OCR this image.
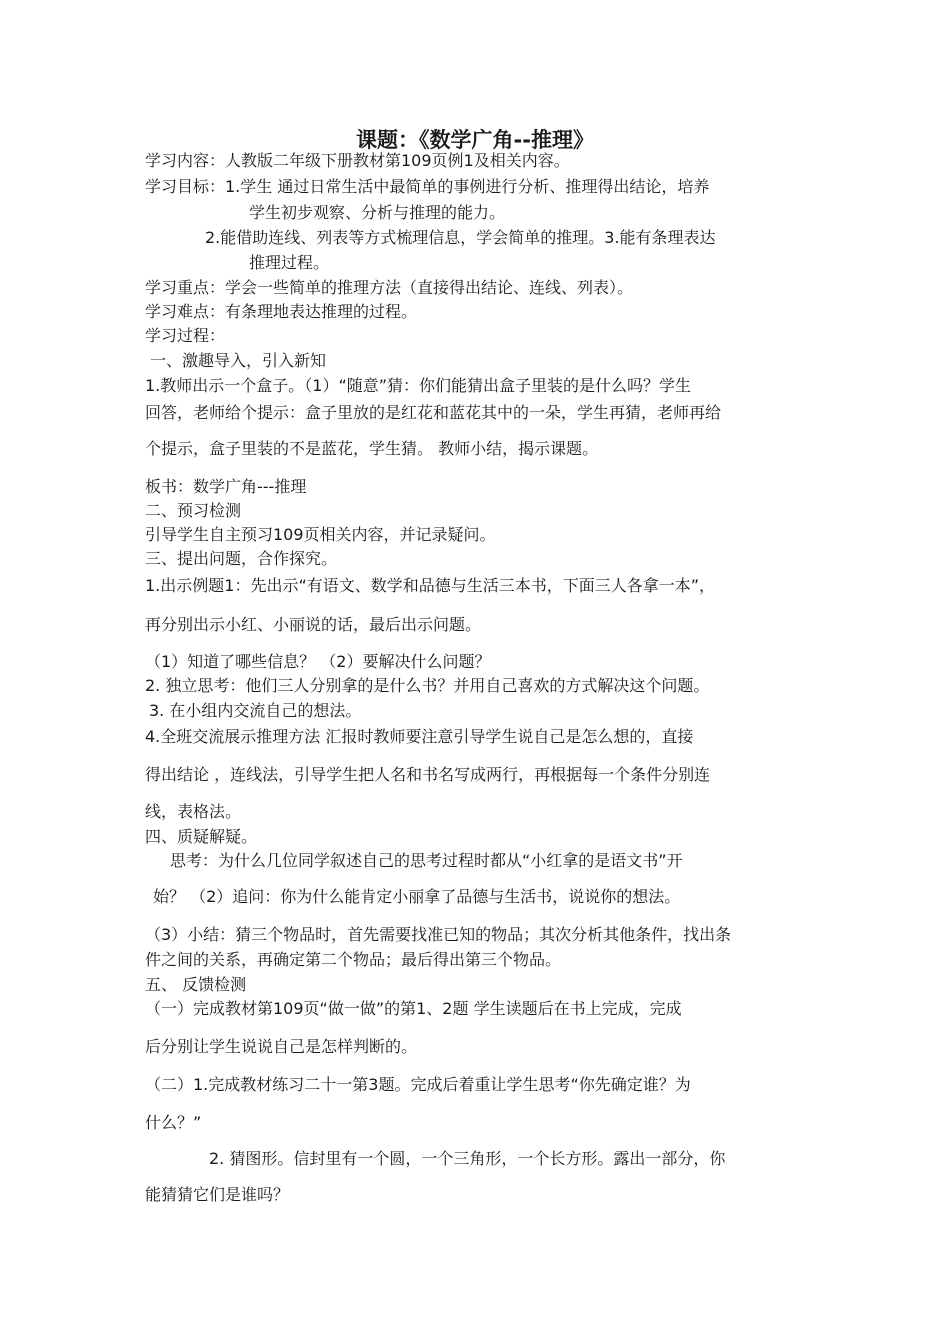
课题：《数学广角--推理》
学习内容：人教版二年级下册教材第109页例1及相关内容。
学习目标：1.学生 通过日常生活中最简单的事例进行分析、推理得出结论，培养
学生初步观察、分析与推理的能力。
2.能借助连线、列表等方式梳理信息，学会简单的推理。3.能有条理表达
推理过程。
学习重点：学会一些简单的推理方法（直接得出结论、连线、列表）。
学习难点：有条理地表达推理的过程。
学习过程：
一、激趣导入，引入新知
1.教师出示一个盒子。（1）“随意”猜：你们能猜出盒子里装的是什么吗？学生
回答，老师给个提示：盒子里放的是红花和蓝花其中的一朵，学生再猜，老师再给
个提示，盒子里装的不是蓝花，学生猜。 教师小结，揭示课题。
板书：数学广角---推理
二、预习检测
引导学生自主预习109页相关内容，并记录疑问。
三、提出问题，合作探究。
1.出示例题1：先出示“有语文、数学和品德与生活三本书，下面三人各拿一本”，
再分别出示小红、小丽说的话，最后出示问题。
（1）知道了哪些信息？ （2）要解决什么问题？
2. 独立思考：他们三人分别拿的是什么书？并用自己喜欢的方式解决这个问题。
3. 在小组内交流自己的想法。
4.全班交流展示推理方法 汇报时教师要注意引导学生说自己是怎么想的，直接
得出结论 ，连线法，引导学生把人名和书名写成两行，再根据每一个条件分别连
线，表格法。
四、质疑解疑。
思考：为什么几位同学叙述自己的思考过程时都从“小红拿的是语文书”开
始？ （2）追问：你为什么能肯定小丽拿了品德与生活书，说说你的想法。
（3）小结：猜三个物品时，首先需要找准已知的物品；其次分析其他条件，找出条
件之间的关系，再确定第二个物品；最后得出第三个物品。
五、 反馈检测
（一）完成教材第109页“做一做”的第1、2题 学生读题后在书上完成，完成
后分别让学生说说自己是怎样判断的。
（二）1.完成教材练习二十一第3题。完成后着重让学生思考“你先确定谁？为
什么？”
2. 猜图形。信封里有一个圆，一个三角形，一个长方形。露出一部分，你
能猜猜它们是谁吗？
